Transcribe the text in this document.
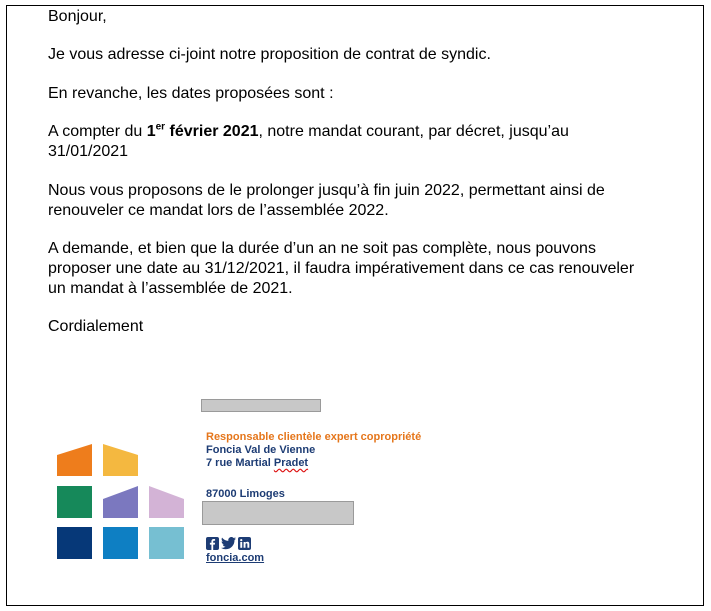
Bonjour,
Je vous adresse ci-joint notre proposition de contrat de syndic.
En revanche, les dates proposées sont :
A compter du 1er février 2021, notre mandat courant, par décret, jusqu’au
31/01/2021
Nous vous proposons de le prolonger jusqu’à fin juin 2022, permettant ainsi de
renouveler ce mandat lors de l’assemblée 2022.
A demande, et bien que la durée d’un an ne soit pas complète, nous pouvons
proposer une date au 31/12/2021, il faudra impérativement dans ce cas renouveler
un mandat à l’assemblée de 2021.
Cordialement
Responsable clientèle expert copropriété
Foncia Val de Vienne
7 rue Martial Pradet
87000 Limoges
foncia.com
